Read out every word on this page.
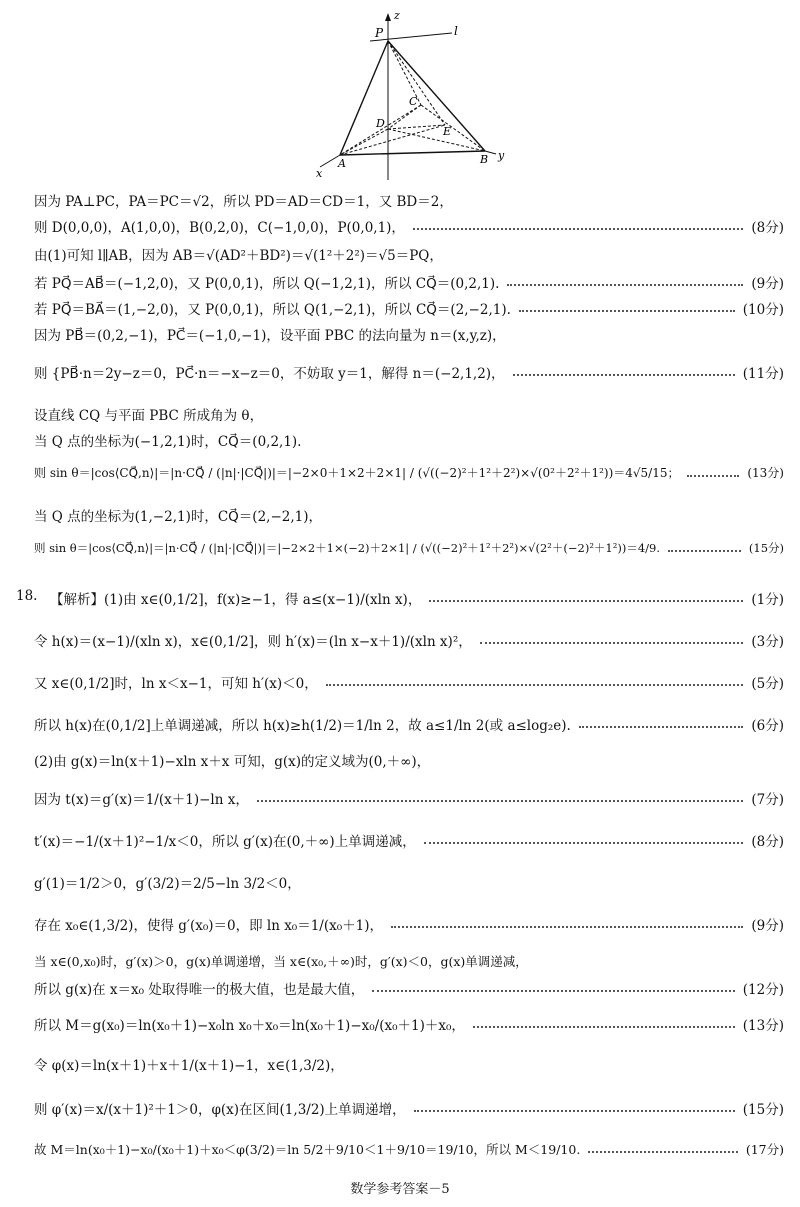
z
P	l
C
D
E
A	B
x
y
因为 PA⊥PC，PA＝PC＝√2，所以 PD＝AD＝CD＝1，又 BD＝2，
则 D(0,0,0)，A(1,0,0)，B(0,2,0)，C(−1,0,0)，P(0,0,1)，	(8分)
由(1)可知 l∥AB，因为 AB＝√(AD²＋BD²)＝√(1²＋2²)＝√5＝PQ，
若 PQ⃗＝AB⃗＝(−1,2,0)，又 P(0,0,1)，所以 Q(−1,2,1)，所以 CQ⃗＝(0,2,1).	(9分)
若 PQ⃗＝BA⃗＝(1,−2,0)，又 P(0,0,1)，所以 Q(1,−2,1)，所以 CQ⃗＝(2,−2,1).	(10分)
因为 PB⃗＝(0,2,−1)，PC⃗＝(−1,0,−1)，设平面 PBC 的法向量为 n＝(x,y,z)，
则 {PB⃗·n＝2y−z＝0，PC⃗·n＝−x−z＝0，不妨取 y＝1，解得 n＝(−2,1,2)，	(11分)
设直线 CQ 与平面 PBC 所成角为 θ，
当 Q 点的坐标为(−1,2,1)时，CQ⃗＝(0,2,1).
则 sin θ＝|cos⟨CQ⃗,n⟩|＝|n·CQ⃗ / (|n|·|CQ⃗|)|＝|−2×0＋1×2＋2×1| / (√((−2)²＋1²＋2²)×√(0²＋2²＋1²))＝4√5/15；	(13分)
当 Q 点的坐标为(1,−2,1)时，CQ⃗＝(2,−2,1)，
则 sin θ＝|cos⟨CQ⃗,n⟩|＝|n·CQ⃗ / (|n|·|CQ⃗|)|＝|−2×2＋1×(−2)＋2×1| / (√((−2)²＋1²＋2²)×√(2²＋(−2)²＋1²))＝4/9.	(15分)
18. 【解析】(1)由 x∈(0,1/2]，f(x)≥−1，得 a≤(x−1)/(xln x)，	(1分)
令 h(x)＝(x−1)/(xln x)，x∈(0,1/2]，则 h′(x)＝(ln x−x＋1)/(xln x)²，	(3分)
又 x∈(0,1/2]时，ln x＜x−1，可知 h′(x)＜0，	(5分)
所以 h(x)在(0,1/2]上单调递减，所以 h(x)≥h(1/2)＝1/ln 2，故 a≤1/ln 2(或 a≤log₂e).	(6分)
(2)由 g(x)＝ln(x＋1)−xln x＋x 可知，g(x)的定义域为(0,＋∞)，
因为 t(x)＝g′(x)＝1/(x＋1)−ln x，	(7分)
t′(x)＝−1/(x＋1)²−1/x＜0，所以 g′(x)在(0,＋∞)上单调递减，	(8分)
g′(1)＝1/2＞0，g′(3/2)＝2/5−ln 3/2＜0，
存在 x₀∈(1,3/2)，使得 g′(x₀)＝0，即 ln x₀＝1/(x₀＋1)，	(9分)
当 x∈(0,x₀)时，g′(x)＞0，g(x)单调递增，当 x∈(x₀,＋∞)时，g′(x)＜0，g(x)单调递减，
所以 g(x)在 x＝x₀ 处取得唯一的极大值，也是最大值，	(12分)
所以 M＝g(x₀)＝ln(x₀＋1)−x₀ln x₀＋x₀＝ln(x₀＋1)−x₀/(x₀＋1)＋x₀，	(13分)
令 φ(x)＝ln(x＋1)＋x＋1/(x＋1)−1，x∈(1,3/2)，
则 φ′(x)＝x/(x＋1)²＋1＞0，φ(x)在区间(1,3/2)上单调递增，	(15分)
故 M＝ln(x₀＋1)−x₀/(x₀＋1)＋x₀＜φ(3/2)＝ln 5/2＋9/10＜1＋9/10＝19/10，所以 M＜19/10.	(17分)
数学参考答案－5
